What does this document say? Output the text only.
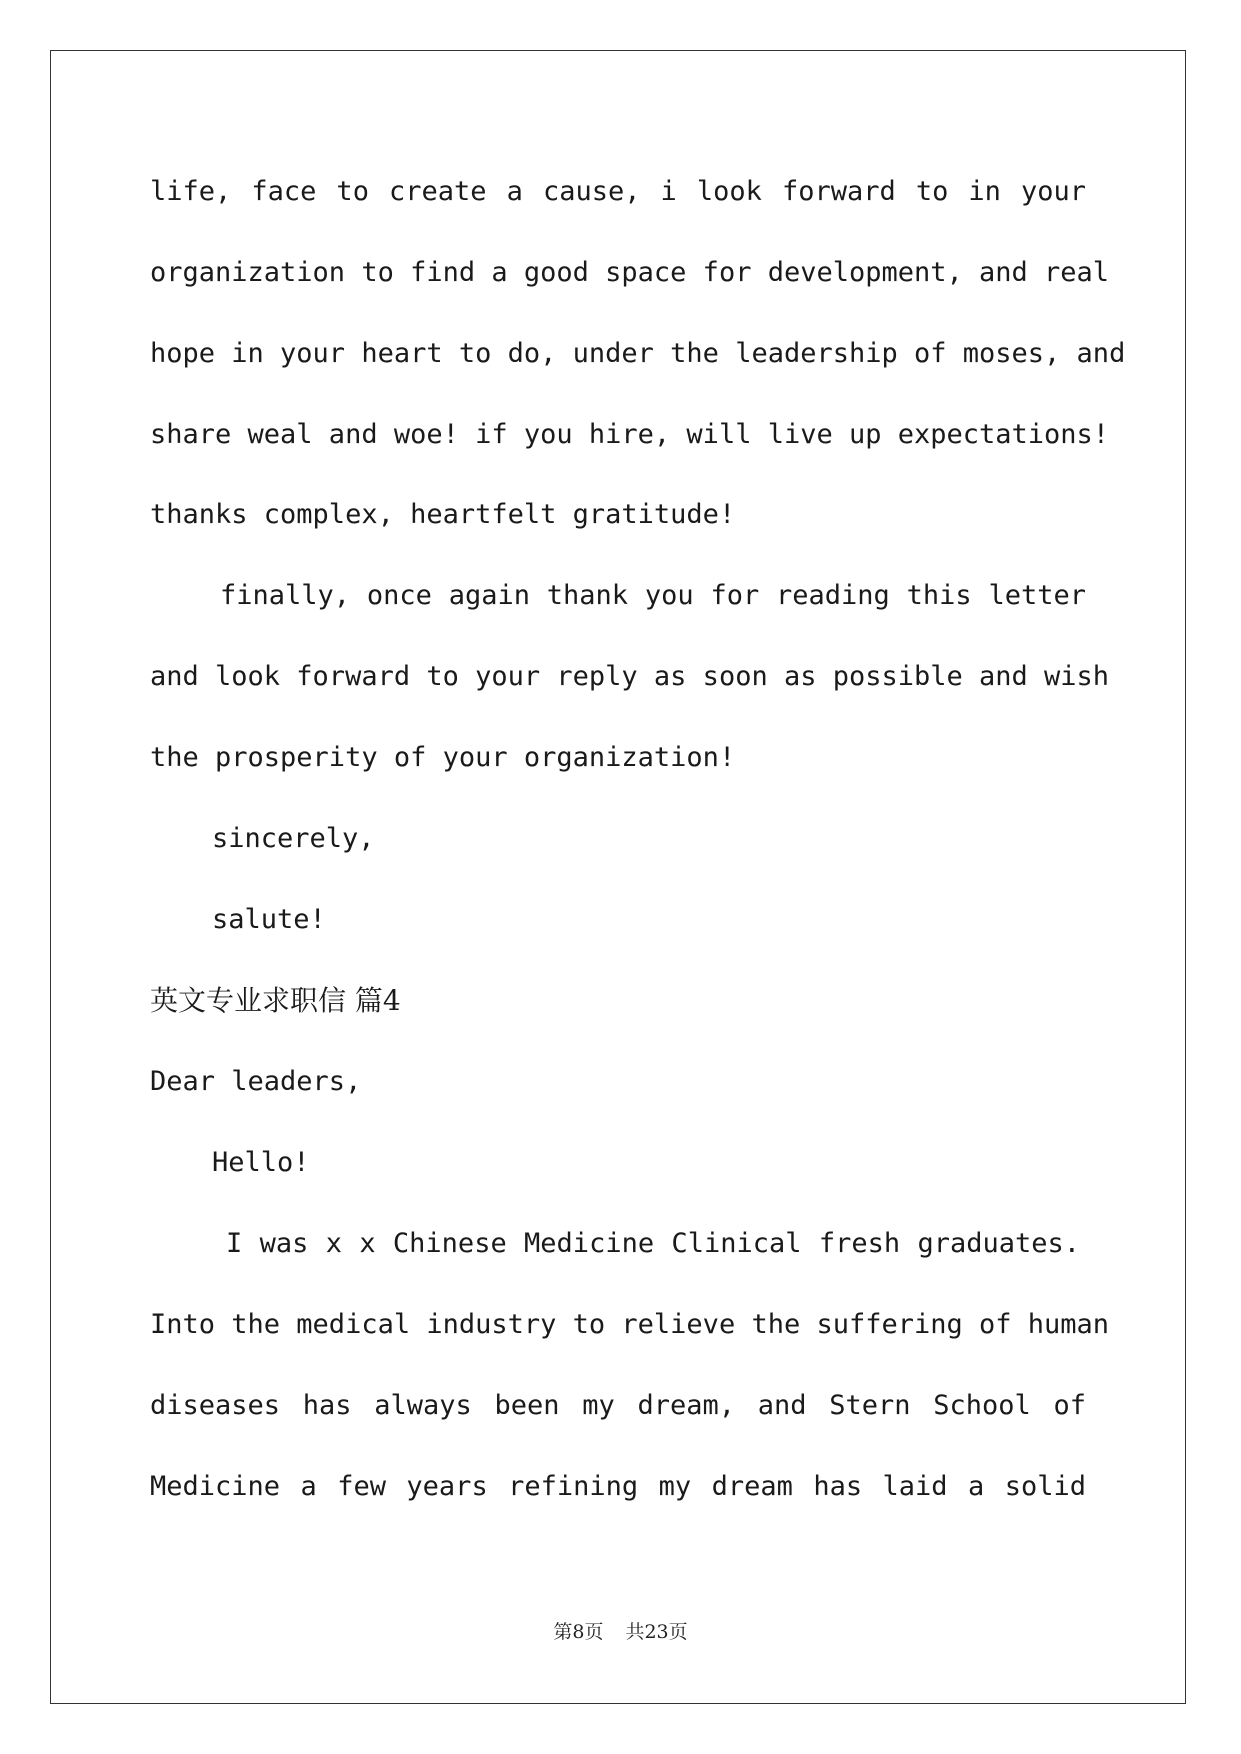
life, face to create a cause, i look forward to in your
organization to find a good space for development, and real
hope in your heart to do, under the leadership of moses, and
share weal and woe! if you hire, will live up expectations!
thanks complex, heartfelt gratitude!
finally, once again thank you for reading this letter
and look forward to your reply as soon as possible and wish
the prosperity of your organization!
sincerely,
salute!
英文专业求职信 篇4
Dear leaders,
Hello!
I was x x Chinese Medicine Clinical fresh graduates.
Into the medical industry to relieve the suffering of human
diseases has always been my dream, and Stern School of
Medicine a few years refining my dream has laid a solid
第8页 共23页
